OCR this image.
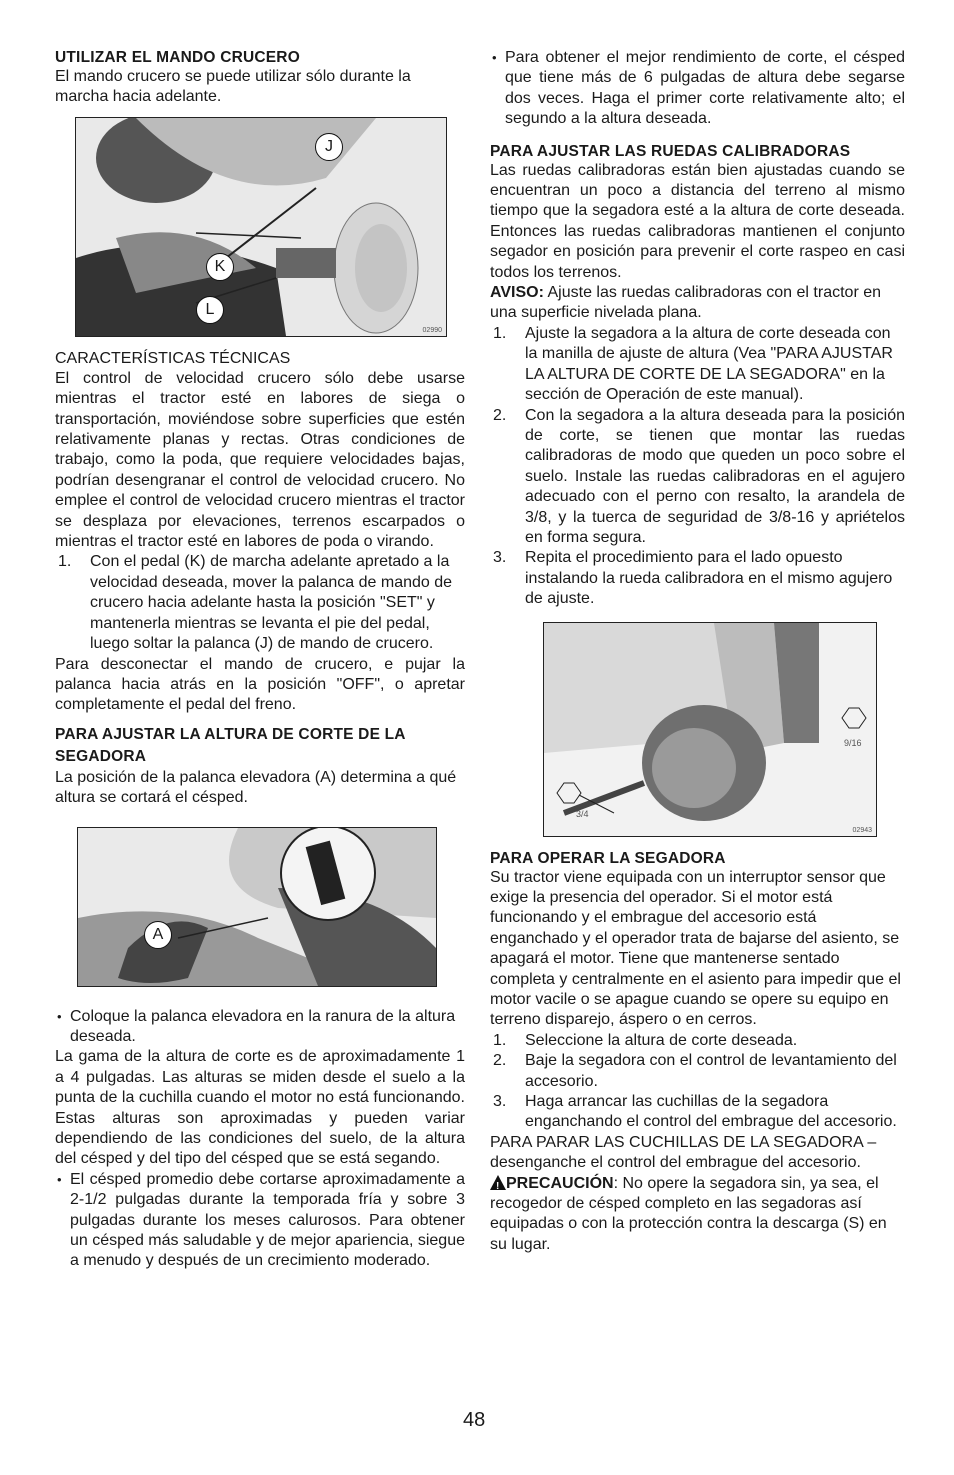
UTILIZAR EL MANDO CRUCERO

El mando crucero se puede utilizar sólo durante la marcha hacia adelante.

J
K
L
02990
CARACTERÍSTICAS TÉCNICAS

El control de velocidad crucero sólo debe usarse mientras el tractor esté en labores de siega o transportación, moviéndose sobre superficies que estén relativamente planas y rectas. Otras condiciones de trabajo, como la poda, que requiere velocidades bajas, podrían desengranar el control de velocidad crucero. No emplee el control de velocidad crucero mientras el tractor se desplaza por elevaciones, terrenos escarpados o mientras el tractor esté en labores de poda o virando.

1. Con el pedal (K) de marcha adelante apretado a la velocidad deseada, mover la palanca de mando de crucero hacia adelante hasta la posición "SET" y mantenerla mientras se levanta el pie del pedal, luego soltar la palanca (J) de mando de crucero.

Para desconectar el mando de crucero, e pujar la palanca hacia atrás en la posición "OFF", o apretar completamente el pedal del freno.

PARA AJUSTAR LA ALTURA DE CORTE DE LA SEGADORA

La posición de la palanca elevadora (A) determina a qué altura se cortará el césped.

A
• Coloque la palanca elevadora en la ranura de la altura deseada.

La gama de la altura de corte es de aproximadamente 1 a 4 pulgadas. Las alturas se miden desde el suelo a la punta de la cuchilla cuando el motor no está funcionando. Estas alturas son aproximadas y pueden variar dependiendo de las condiciones del suelo, de la altura del césped y del tipo del césped que se está segando.

• El césped promedio debe cortarse aproximadamente a 2-1/2 pulgadas durante la temporada fría y sobre 3 pulgadas durante los meses calurosos. Para obtener un césped más saludable y de mejor apariencia, siegue a menudo y después de un crecimiento moderado.
• Para obtener el mejor rendimiento de corte, el césped que tiene más de 6 pulgadas de altura debe segarse dos veces. Haga el primer corte relativamente alto; el segundo a la altura deseada.
PARA AJUSTAR LAS RUEDAS CALIBRADORAS

Las ruedas calibradoras están bien ajustadas cuando se encuentran un poco a distancia del terreno al mismo tiempo que la segadora esté a la altura de corte deseada. Entonces las ruedas calibradoras mantienen el conjunto segador en posición para prevenir el corte raspeo en casi todos los terrenos.

AVISO: Ajuste las ruedas calibradoras con el tractor en una superficie nivelada plana.

1. Ajuste la segadora a la altura de corte deseada con la manilla de ajuste de altura (Vea "PARA AJUSTAR LA ALTURA DE CORTE DE LA SEGADORA" en la sección de Operación de este manual).
2. Con la segadora a la altura deseada para la posición de corte, se tienen que montar las ruedas calibradoras de modo que queden un poco sobre el suelo. Instale las ruedas calibradoras en el agujero adecuado con el perno con resalto, la arandela de 3/8, y la tuerca de seguridad de 3/8-16 y apriételos en forma segura.
3. Repita el procedimiento para el lado opuesto instalando la rueda calibradora en el mismo agujero de ajuste.
9/16
3/4
02943
PARA OPERAR LA SEGADORA

Su tractor viene equipada con un interruptor sensor que exige la presencia del operador. Si el motor está funcionando y el embrague del accesorio está enganchado y el operador trata de bajarse del asiento, se apagará el motor. Tiene que mantenerse sentado completa y centralmente en el asiento para impedir que el motor vacile o se apague cuando se opere su equipo en terreno disparejo, áspero o en cerros.

1. Seleccione la altura de corte deseada.
2. Baje la segadora con el control de levantamiento del accesorio.
3. Haga arrancar las cuchillas de la segadora enganchando el control del embrague del accesorio.

PARA PARAR LAS CUCHILLAS DE LA SEGADORA – desenganche el control del embrague del accesorio.

!PRECAUCIÓN: No opere la segadora sin, ya sea, el recogedor de césped completo en las segadoras así equipadas o con la protección contra la descarga (S) en su lugar.

48
